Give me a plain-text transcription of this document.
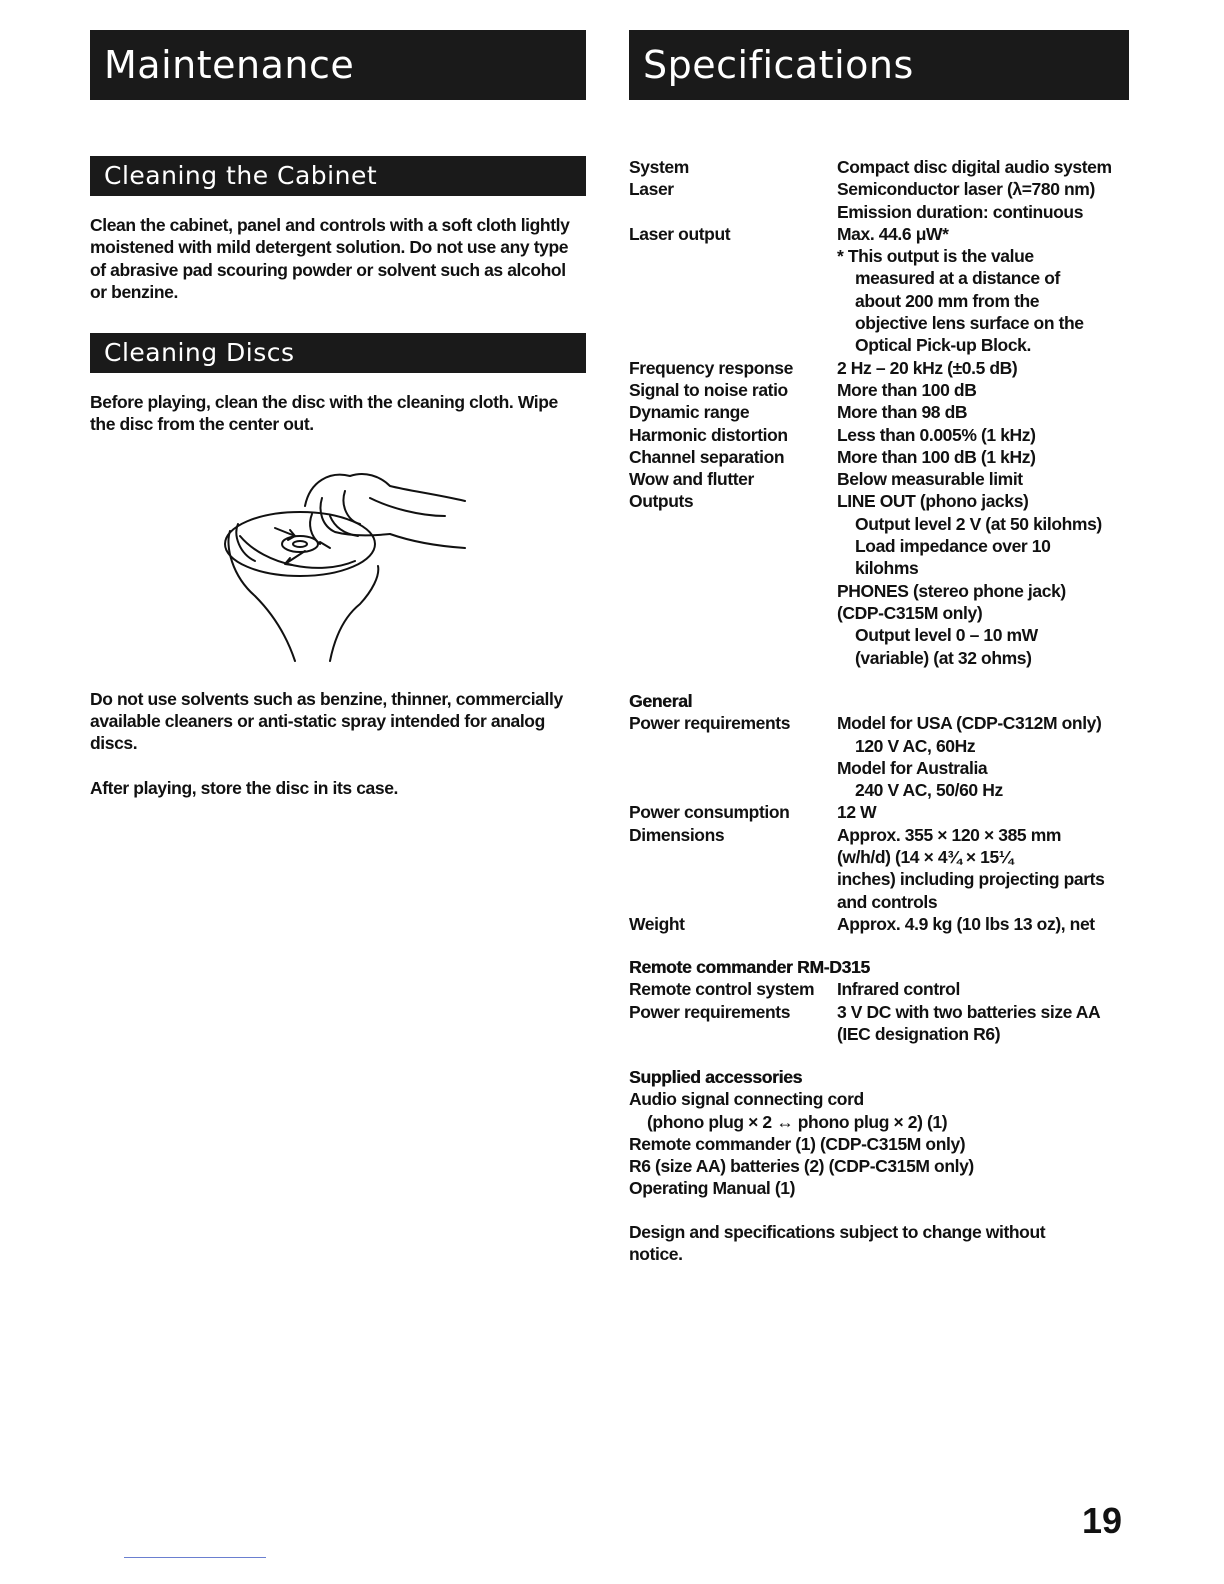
Maintenance
Cleaning the Cabinet

Clean the cabinet, panel and controls with a soft cloth lightly moistened with mild detergent solution. Do not use any type of abrasive pad scouring powder or solvent such as alcohol or benzine.

Cleaning Discs

Before playing, clean the disc with the cleaning cloth. Wipe the disc from the center out.

Do not use solvents such as benzine, thinner, commercially available cleaners or anti-static spray intended for analog discs.

After playing, store the disc in its case.

Specifications
System	Compact disc digital audio system
Laser	Semiconductor laser (λ=780 nm)
Emission duration: continuous
Laser output	Max. 44.6 μW*
* This output is the value
measured at a distance of
about 200 mm from the
objective lens surface on the
Optical Pick-up Block.
Frequency response	2 Hz – 20 kHz (±0.5 dB)
Signal to noise ratio	More than 100 dB
Dynamic range	More than 98 dB
Harmonic distortion	Less than 0.005% (1 kHz)
Channel separation	More than 100 dB (1 kHz)
Wow and flutter	Below measurable limit
Outputs	LINE OUT (phono jacks)
Output level 2 V (at 50 kilohms)
Load impedance over 10
kilohms
PHONES (stereo phone jack)
(CDP-C315M only)
Output level 0 – 10 mW
(variable) (at 32 ohms)
General
Power requirements	Model for USA (CDP-C312M only)
120 V AC, 60Hz
Model for Australia
240 V AC, 50/60 Hz
Power consumption	12 W
Dimensions	Approx. 355 × 120 × 385 mm
(w/h/d) (14 × 4¾ × 15¼
inches) including projecting parts
and controls
Weight	Approx. 4.9 kg (10 lbs 13 oz), net
Remote commander RM-D315
Remote control system	Infrared control
Power requirements	3 V DC with two batteries size AA
(IEC designation R6)
Supplied accessories
Audio signal connecting cord
(phono plug × 2 ↔ phono plug × 2) (1)
Remote commander (1) (CDP-C315M only)
R6 (size AA) batteries (2) (CDP-C315M only)
Operating Manual (1)

Design and specifications subject to change without notice.

19
